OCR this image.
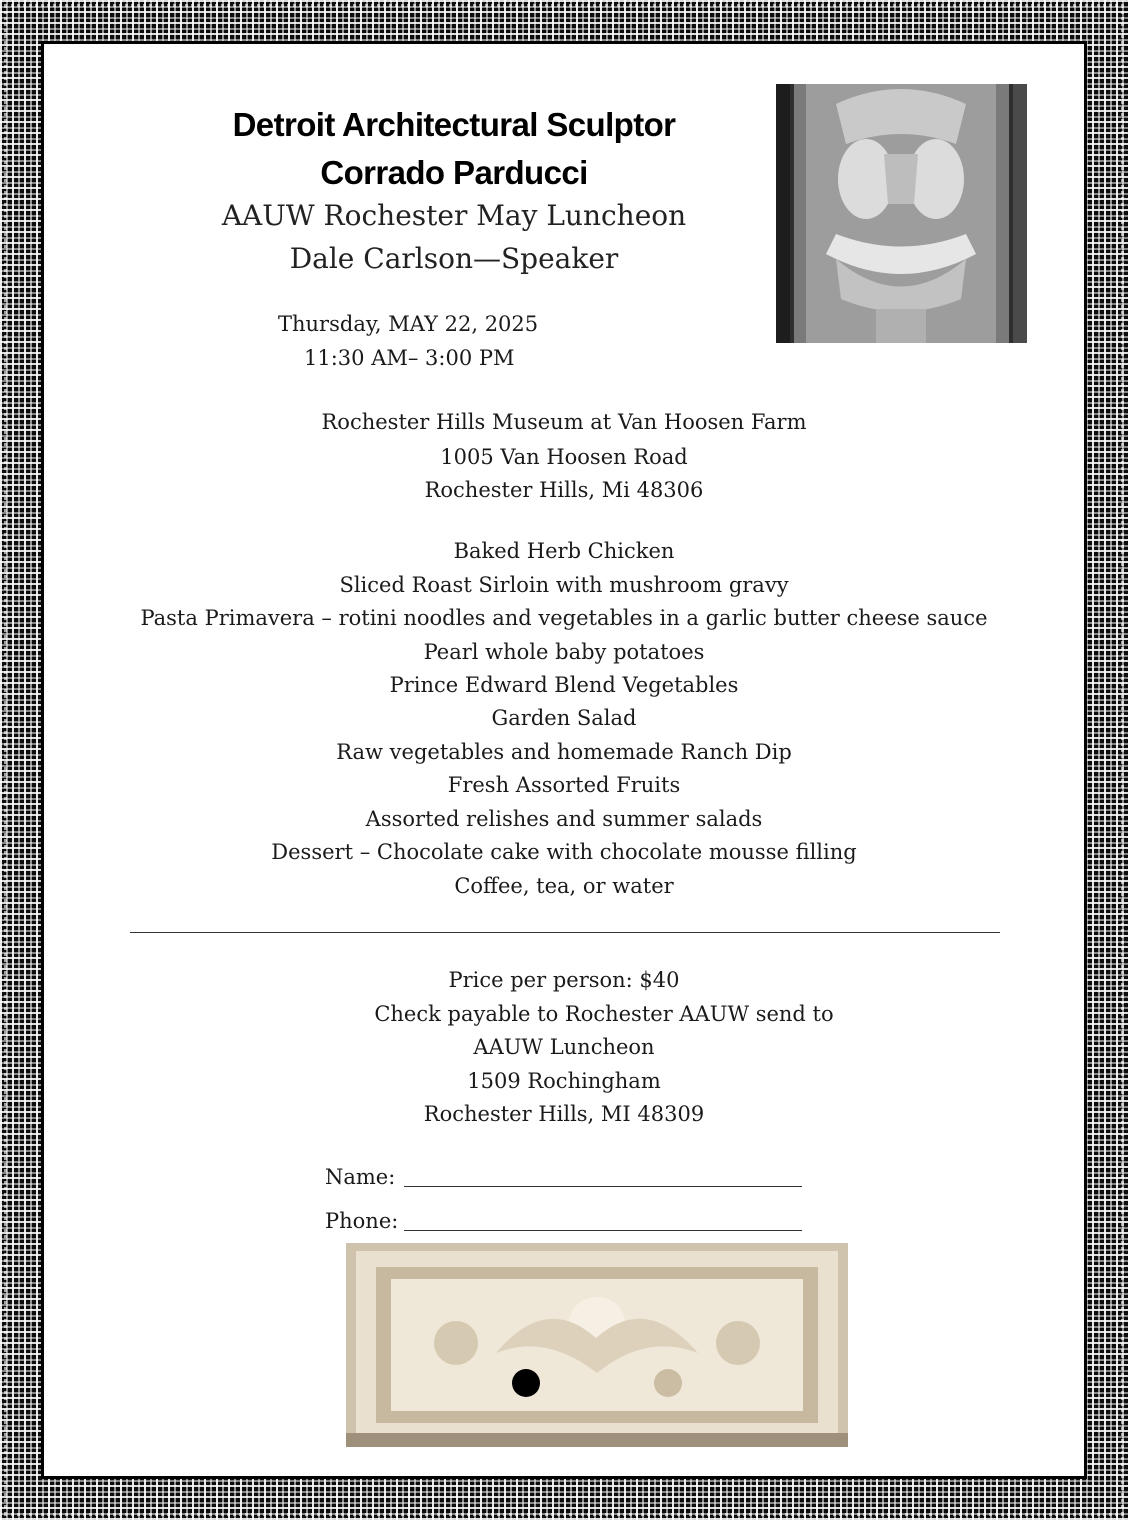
Detroit Architectural Sculptor
Corrado Parducci
AAUW Rochester May Luncheon
Dale Carlson—Speaker
Thursday, MAY 22, 2025
11:30 AM– 3:00 PM
Rochester Hills Museum at Van Hoosen Farm
1005 Van Hoosen Road
Rochester Hills, Mi 48306
Baked Herb Chicken
Sliced Roast Sirloin with mushroom gravy
Pasta Primavera – rotini noodles and vegetables in a garlic butter cheese sauce
Pearl whole baby potatoes
Prince Edward Blend Vegetables
Garden Salad
Raw vegetables and homemade Ranch Dip
Fresh Assorted Fruits
Assorted relishes and summer salads
Dessert – Chocolate cake with chocolate mousse filling
Coffee, tea, or water
Price per person: $40
Check payable to Rochester AAUW send to
AAUW Luncheon
1509 Rochingham
Rochester Hills, MI 48309
Name:
Phone:
